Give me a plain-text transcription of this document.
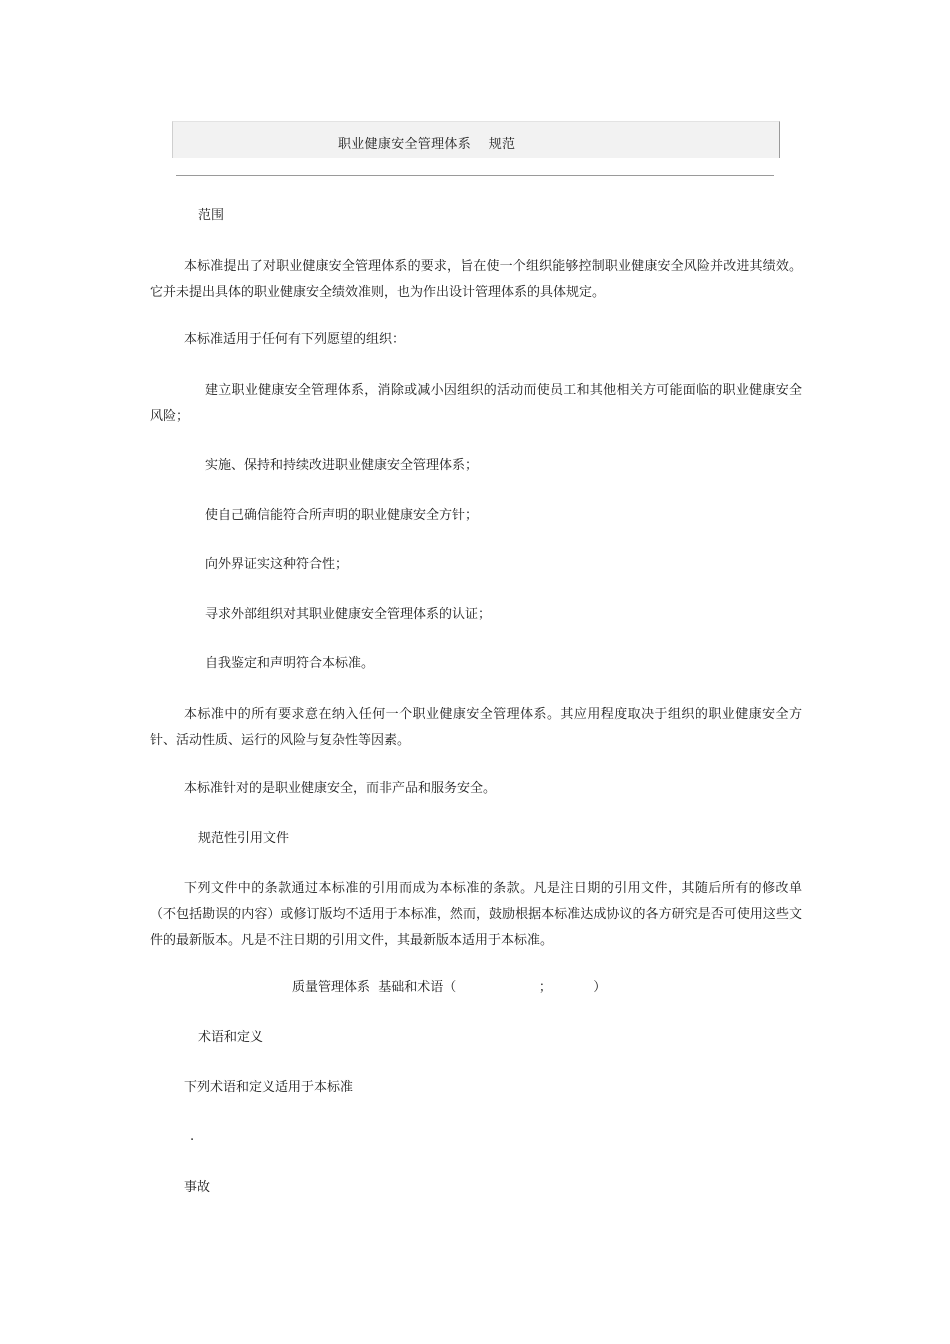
职业健康安全管理体系    规范
范围
本标准提出了对职业健康安全管理体系的要求，旨在使一个组织能够控制职业健康安全风险并改进其绩效。它并未提出具体的职业健康安全绩效准则，也为作出设计管理体系的具体规定。
本标准适用于任何有下列愿望的组织：
建立职业健康安全管理体系，消除或减小因组织的活动而使员工和其他相关方可能面临的职业健康安全风险；
实施、保持和持续改进职业健康安全管理体系；
使自己确信能符合所声明的职业健康安全方针；
向外界证实这种符合性；
寻求外部组织对其职业健康安全管理体系的认证；
自我鉴定和声明符合本标准。
本标准中的所有要求意在纳入任何一个职业健康安全管理体系。其应用程度取决于组织的职业健康安全方针、活动性质、运行的风险与复杂性等因素。
本标准针对的是职业健康安全，而非产品和服务安全。
规范性引用文件
下列文件中的条款通过本标准的引用而成为本标准的条款。凡是注日期的引用文件，其随后所有的修改单（不包括勘误的内容）或修订版均不适用于本标准，然而，鼓励根据本标准达成协议的各方研究是否可使用这些文件的最新版本。凡是不注日期的引用文件，其最新版本适用于本标准。
质量管理体系  基础和术语（                    ；          ）
术语和定义
下列术语和定义适用于本标准
.
事故
